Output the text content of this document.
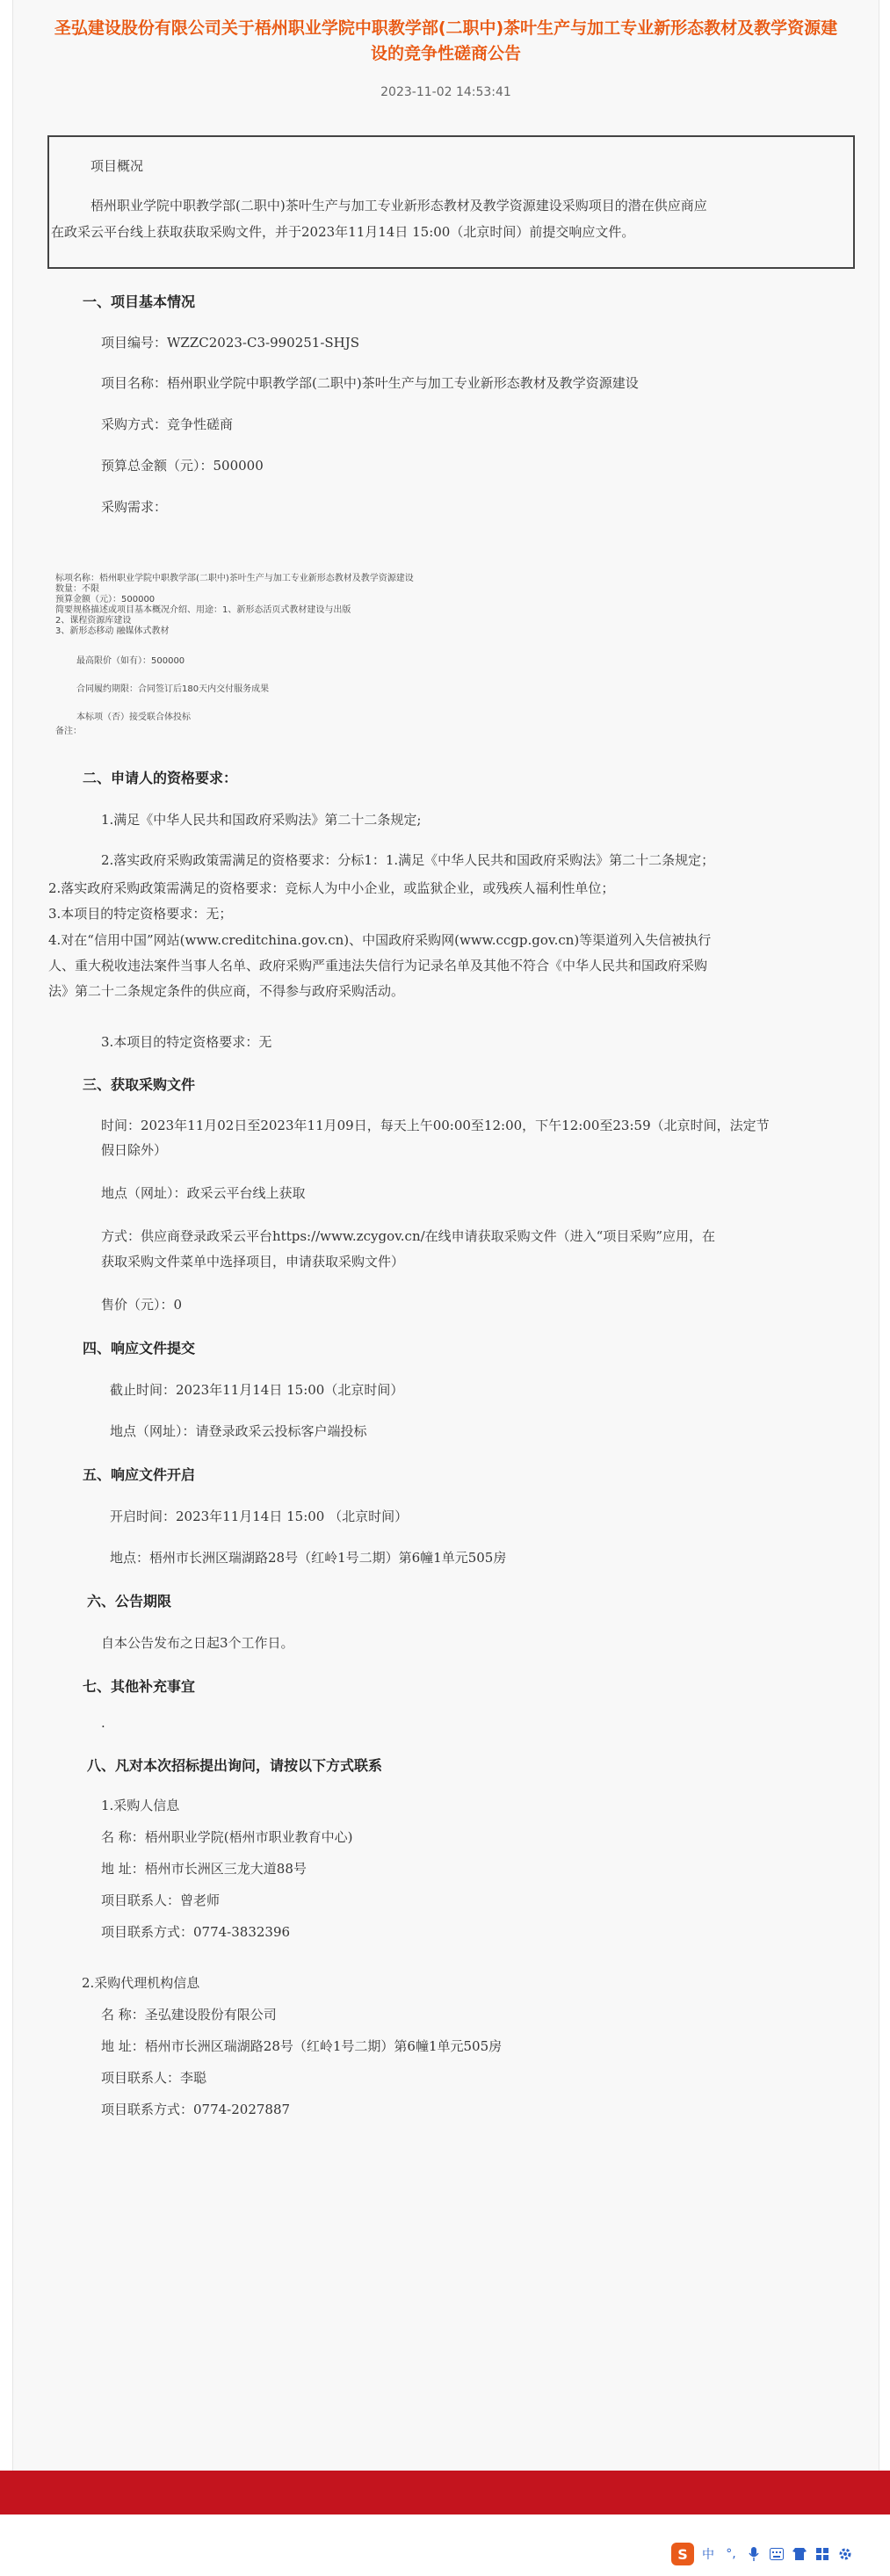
圣弘建设股份有限公司关于梧州职业学院中职教学部(二职中)茶叶生产与加工专业新形态教材及教学资源建
设的竞争性磋商公告
2023-11-02 14:53:41
项目概况
梧州职业学院中职教学部(二职中)茶叶生产与加工专业新形态教材及教学资源建设采购项目的潜在供应商应
在政采云平台线上获取获取采购文件，并于2023年11月14日 15:00（北京时间）前提交响应文件。
一、项目基本情况
项目编号：WZZC2023-C3-990251-SHJS
项目名称：梧州职业学院中职教学部(二职中)茶叶生产与加工专业新形态教材及教学资源建设
采购方式：竞争性磋商
预算总金额（元）：500000
采购需求：
标项名称：梧州职业学院中职教学部(二职中)茶叶生产与加工专业新形态教材及教学资源建设
数量：不限
预算金额（元）：500000
简要规格描述或项目基本概况介绍、用途：1、新形态活页式教材建设与出版
2、课程资源库建设
3、新形态移动 融媒体式教材
最高限价（如有）：500000
合同履约期限：合同签订后180天内交付服务成果
本标项（否）接受联合体投标
备注：
二、申请人的资格要求：
1.满足《中华人民共和国政府采购法》第二十二条规定;
2.落实政府采购政策需满足的资格要求：分标1：1.满足《中华人民共和国政府采购法》第二十二条规定；
2.落实政府采购政策需满足的资格要求：竞标人为中小企业，或监狱企业，或残疾人福利性单位；
3.本项目的特定资格要求：无；
4.对在“信用中国”网站(www.creditchina.gov.cn)、中国政府采购网(www.ccgp.gov.cn)等渠道列入失信被执行
人、重大税收违法案件当事人名单、政府采购严重违法失信行为记录名单及其他不符合《中华人民共和国政府采购
法》第二十二条规定条件的供应商，不得参与政府采购活动。
3.本项目的特定资格要求：无
三、获取采购文件
时间：2023年11月02日至2023年11月09日，每天上午00:00至12:00，下午12:00至23:59（北京时间，法定节
假日除外）
地点（网址）：政采云平台线上获取
方式：供应商登录政采云平台https://www.zcygov.cn/在线申请获取采购文件（进入“项目采购”应用，在
获取采购文件菜单中选择项目，申请获取采购文件）
售价（元）：0
四、响应文件提交
截止时间：2023年11月14日 15:00（北京时间）
地点（网址）：请登录政采云投标客户端投标
五、响应文件开启
开启时间：2023年11月14日 15:00 （北京时间）
地点：梧州市长洲区瑞湖路28号（红岭1号二期）第6幢1单元505房
六、公告期限
自本公告发布之日起3个工作日。
七、其他补充事宜
.
八、凡对本次招标提出询问，请按以下方式联系
1.采购人信息
名 称：梧州职业学院(梧州市职业教育中心)
地 址：梧州市长洲区三龙大道88号
项目联系人：曾老师
项目联系方式：0774-3832396
2.采购代理机构信息
名 称：圣弘建设股份有限公司
地 址：梧州市长洲区瑞湖路28号（红岭1号二期）第6幢1单元505房
项目联系人：李聪
项目联系方式：0774-2027887
S	中 °,
